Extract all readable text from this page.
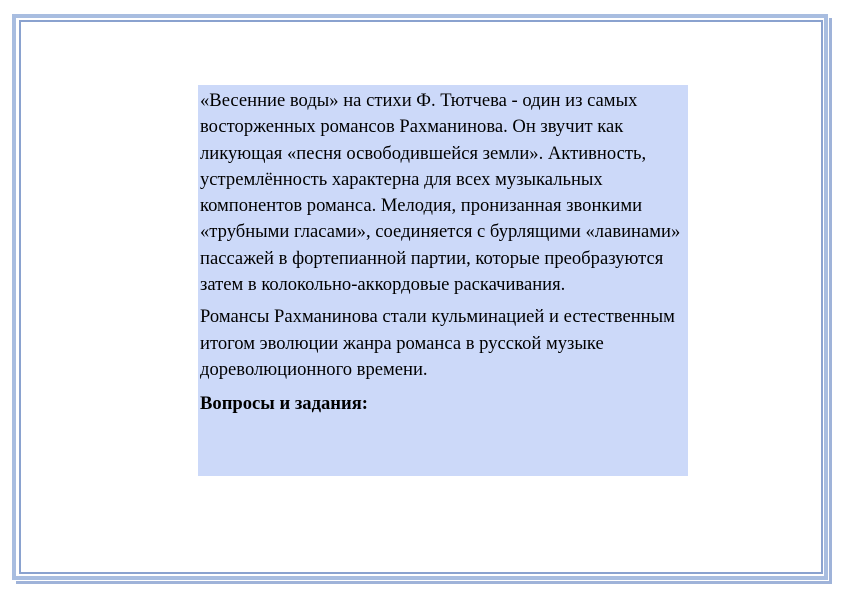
«Весенние воды» на стихи Ф. Тютчева - один из самых восторженных романсов Рахманинова. Он звучит как ликующая «песня освободившейся земли». Активность, устремлённость характерна для всех музыкальных компонентов романса. Мелодия, пронизанная звонкими «трубными гласами», соединяется с бурлящими «лавинами» пассажей в фортепианной партии, которые преобразуются затем в колокольно-аккордовые раскачивания.

Романсы Рахманинова стали кульминацией и естественным итогом эволюции жанра романса в русской музыке дореволюционного времени.

Вопросы и задания:
